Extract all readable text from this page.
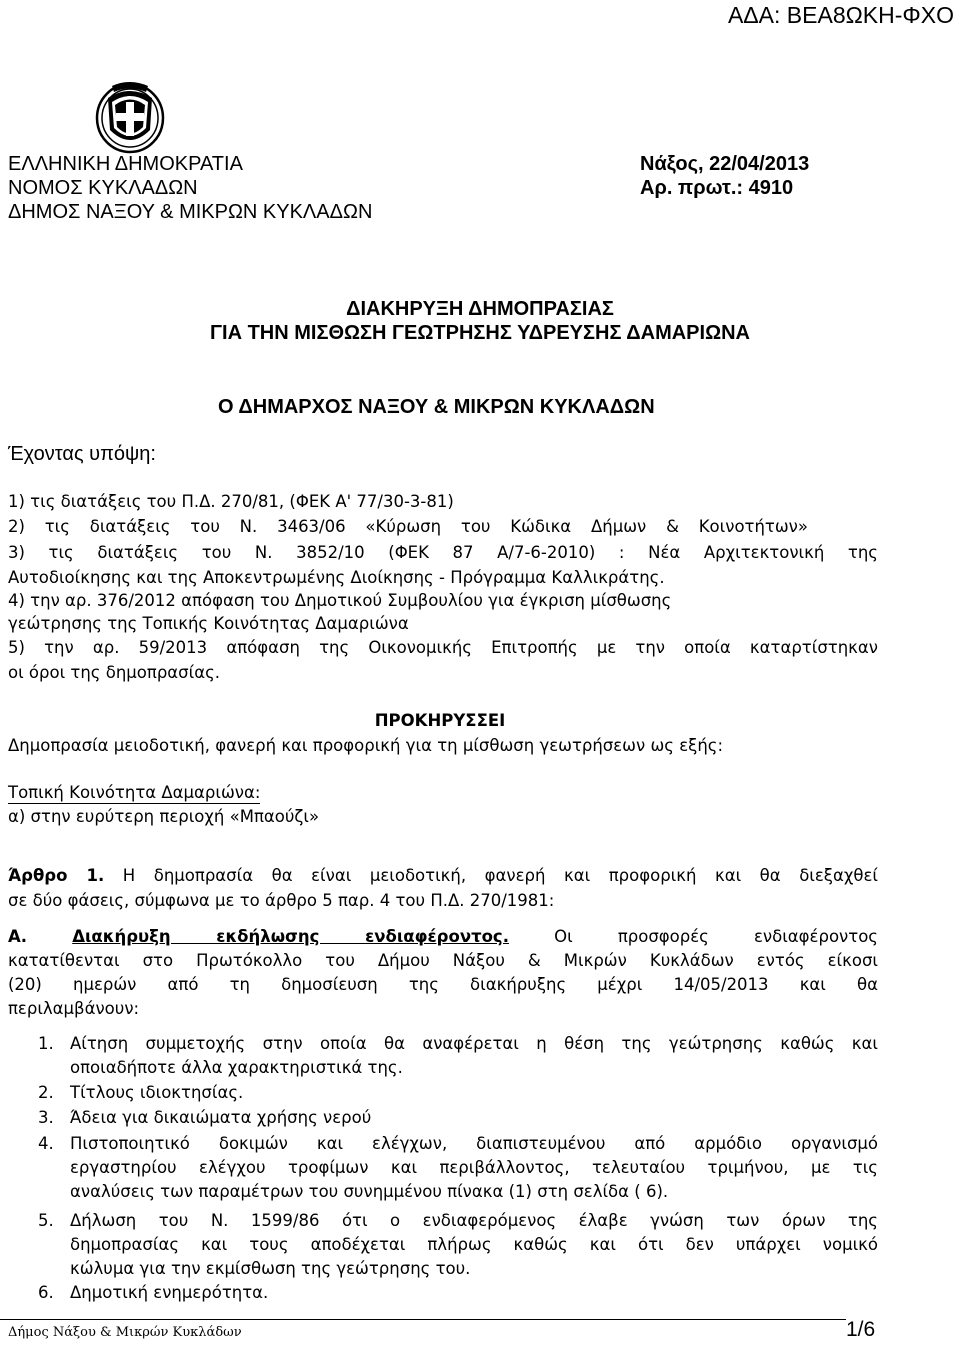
ΑΔΑ: ΒΕΑ8ΩΚΗ-ΦΧΟ
ΕΛΛΗΝΙΚΗ ΔΗΜΟΚΡΑΤΙΑ
ΝΟΜΟΣ ΚΥΚΛΑΔΩΝ
ΔΗΜΟΣ ΝΑΞΟΥ & ΜΙΚΡΩΝ ΚΥΚΛΑΔΩΝ
Νάξος, 22/04/2013
Αρ. πρωτ.: 4910
ΔΙΑΚΗΡΥΞΗ ΔΗΜΟΠΡΑΣΙΑΣ
ΓΙΑ ΤΗΝ ΜΙΣΘΩΣΗ ΓΕΩΤΡΗΣΗΣ ΥΔΡΕΥΣΗΣ ΔΑΜΑΡΙΩΝΑ
Ο ΔΗΜΑΡΧΟΣ ΝΑΞΟΥ & ΜΙΚΡΩΝ ΚΥΚΛΑΔΩΝ
Έχοντας υπόψη:
1) τις διατάξεις του Π.Δ. 270/81, (ΦΕΚ Α' 77/30-3-81)
2) τις διατάξεις του Ν. 3463/06 «Κύρωση του Κώδικα Δήμων & Κοινοτήτων»
3) τις διατάξεις του Ν. 3852/10 (ΦΕΚ 87 Α/7-6-2010) : Νέα Αρχιτεκτονική της
Αυτοδιοίκησης και της Αποκεντρωμένης Διοίκησης - Πρόγραμμα Καλλικράτης.
4) την αρ. 376/2012 απόφαση του Δημοτικού Συμβουλίου για έγκριση μίσθωσης
γεώτρησης της Τοπικής Κοινότητας Δαμαριώνα
5) την αρ. 59/2013 απόφαση της Οικονομικής Επιτροπής με την οποία καταρτίστηκαν
οι όροι της δημοπρασίας.
ΠΡΟΚΗΡΥΣΣΕΙ
Δημοπρασία μειοδοτική, φανερή και προφορική για τη μίσθωση γεωτρήσεων ως εξής:
Τοπική Κοινότητα Δαμαριώνα:
α) στην ευρύτερη περιοχή «Μπαούζι»
Άρθρο 1. Η δημοπρασία θα είναι μειοδοτική, φανερή και προφορική και θα διεξαχθεί
σε δύο φάσεις, σύμφωνα με το άρθρο 5 παρ. 4 του Π.Δ. 270/1981:
Α.	Διακήρυξη εκδήλωσης ενδιαφέροντος.	Οι προσφορές ενδιαφέροντος
κατατίθενται στο Πρωτόκολλο του Δήμου Νάξου & Μικρών Κυκλάδων εντός είκοσι
(20) ημερών από τη δημοσίευση της διακήρυξης μέχρι 14/05/2013 και θα
περιλαμβάνουν:
1. Αίτηση συμμετοχής στην οποία θα αναφέρεται η θέση της γεώτρησης καθώς και
οποιαδήποτε άλλα χαρακτηριστικά της.
2. Τίτλους ιδιοκτησίας.
3. Άδεια για δικαιώματα χρήσης νερού
4. Πιστοποιητικό δοκιμών και ελέγχων, διαπιστευμένου από αρμόδιο οργανισμό
εργαστηρίου ελέγχου τροφίμων και περιβάλλοντος, τελευταίου τριμήνου, με τις
αναλύσεις των παραμέτρων του συνημμένου πίνακα (1) στη σελίδα ( 6).
5. Δήλωση του Ν. 1599/86 ότι ο ενδιαφερόμενος έλαβε γνώση των όρων της
δημοπρασίας και τους αποδέχεται πλήρως καθώς και ότι δεν υπάρχει νομικό
κώλυμα για την εκμίσθωση της γεώτρησης του.
6. Δημοτική ενημερότητα.
Δήμος Νάξου & Μικρών Κυκλάδων	1/6
